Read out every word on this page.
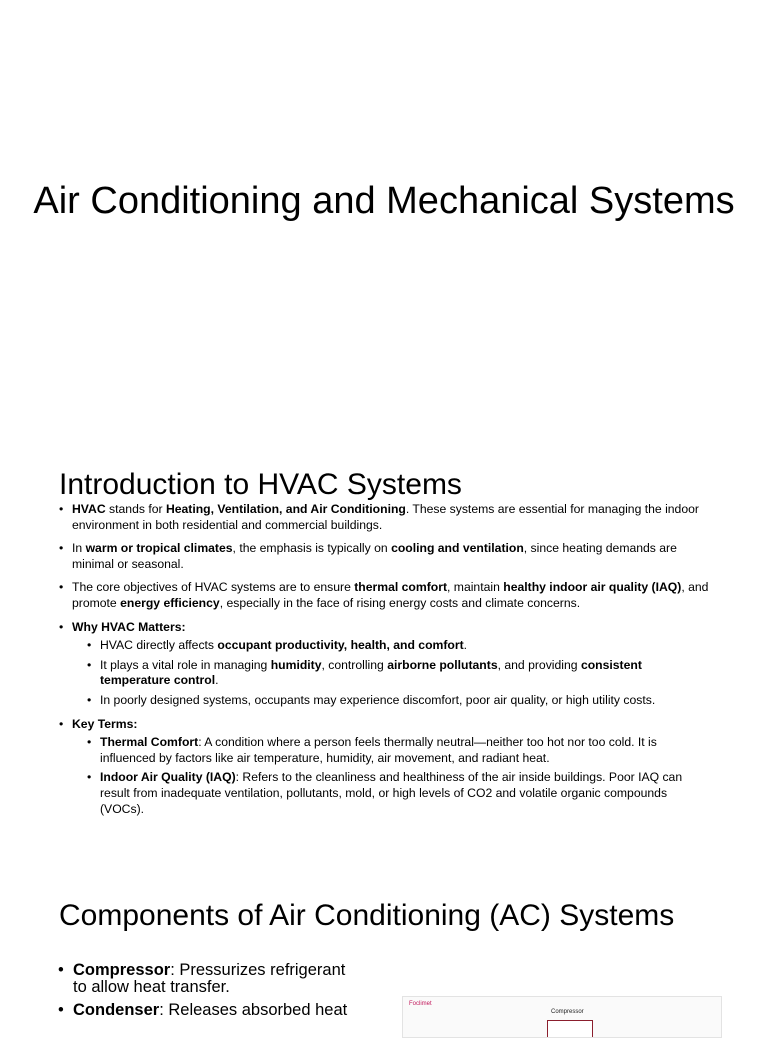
Air Conditioning and Mechanical Systems
Introduction to HVAC Systems
• HVAC stands for Heating, Ventilation, and Air Conditioning. These systems are essential for managing the indoor environment in both residential and commercial buildings.
• In warm or tropical climates, the emphasis is typically on cooling and ventilation, since heating demands are minimal or seasonal.
• The core objectives of HVAC systems are to ensure thermal comfort, maintain healthy indoor air quality (IAQ), and promote energy efficiency, especially in the face of rising energy costs and climate concerns.
• Why HVAC Matters:
• HVAC directly affects occupant productivity, health, and comfort.
• It plays a vital role in managing humidity, controlling airborne pollutants, and providing consistent temperature control.
• In poorly designed systems, occupants may experience discomfort, poor air quality, or high utility costs.
• Key Terms:
• Thermal Comfort: A condition where a person feels thermally neutral—neither too hot nor too cold. It is influenced by factors like air temperature, humidity, air movement, and radiant heat.
• Indoor Air Quality (IAQ): Refers to the cleanliness and healthiness of the air inside buildings. Poor IAQ can result from inadequate ventilation, pollutants, mold, or high levels of CO2 and volatile organic compounds (VOCs).
Components of Air Conditioning (AC) Systems
• Compressor: Pressurizes refrigerant to allow heat transfer.
• Condenser: Releases absorbed heat	Foclimet
Compressor
